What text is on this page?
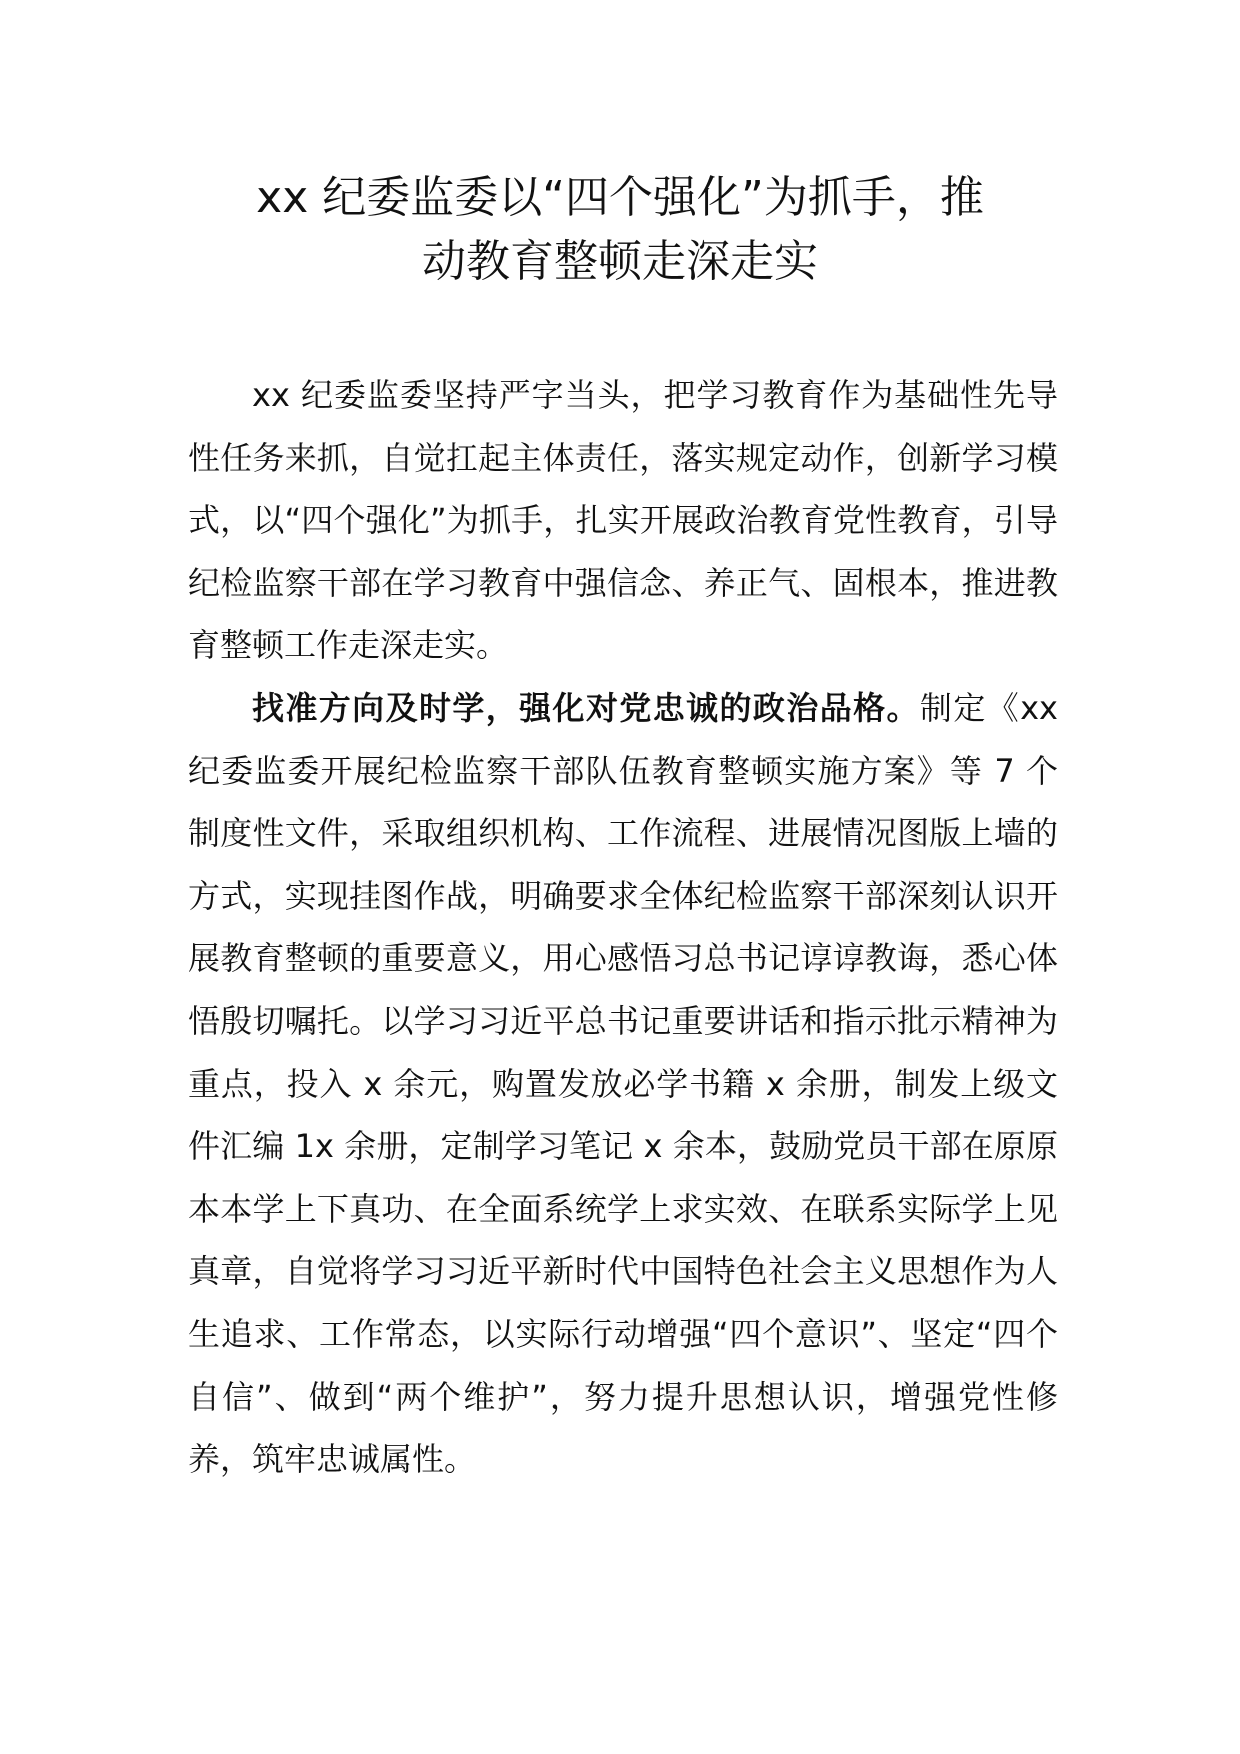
xx 纪委监委以“四个强化”为抓手，推
动教育整顿走深走实

xx 纪委监委坚持严字当头，把学习教育作为基础性先导性任务来抓，自觉扛起主体责任，落实规定动作，创新学习模式，以“四个强化”为抓手，扎实开展政治教育党性教育，引导纪检监察干部在学习教育中强信念、养正气、固根本，推进教育整顿工作走深走实。

找准方向及时学，强化对党忠诚的政治品格。制定《xx 纪委监委开展纪检监察干部队伍教育整顿实施方案》等 7 个制度性文件，采取组织机构、工作流程、进展情况图版上墙的方式，实现挂图作战，明确要求全体纪检监察干部深刻认识开展教育整顿的重要意义，用心感悟习总书记谆谆教诲，悉心体悟殷切嘱托。以学习习近平总书记重要讲话和指示批示精神为重点，投入 x 余元，购置发放必学书籍 x 余册，制发上级文件汇编 1x 余册，定制学习笔记 x 余本，鼓励党员干部在原原本本学上下真功、在全面系统学上求实效、在联系实际学上见真章，自觉将学习习近平新时代中国特色社会主义思想作为人生追求、工作常态，以实际行动增强“四个意识”、坚定“四个自信”、做到“两个维护”，努力提升思想认识，增强党性修养，筑牢忠诚属性。
